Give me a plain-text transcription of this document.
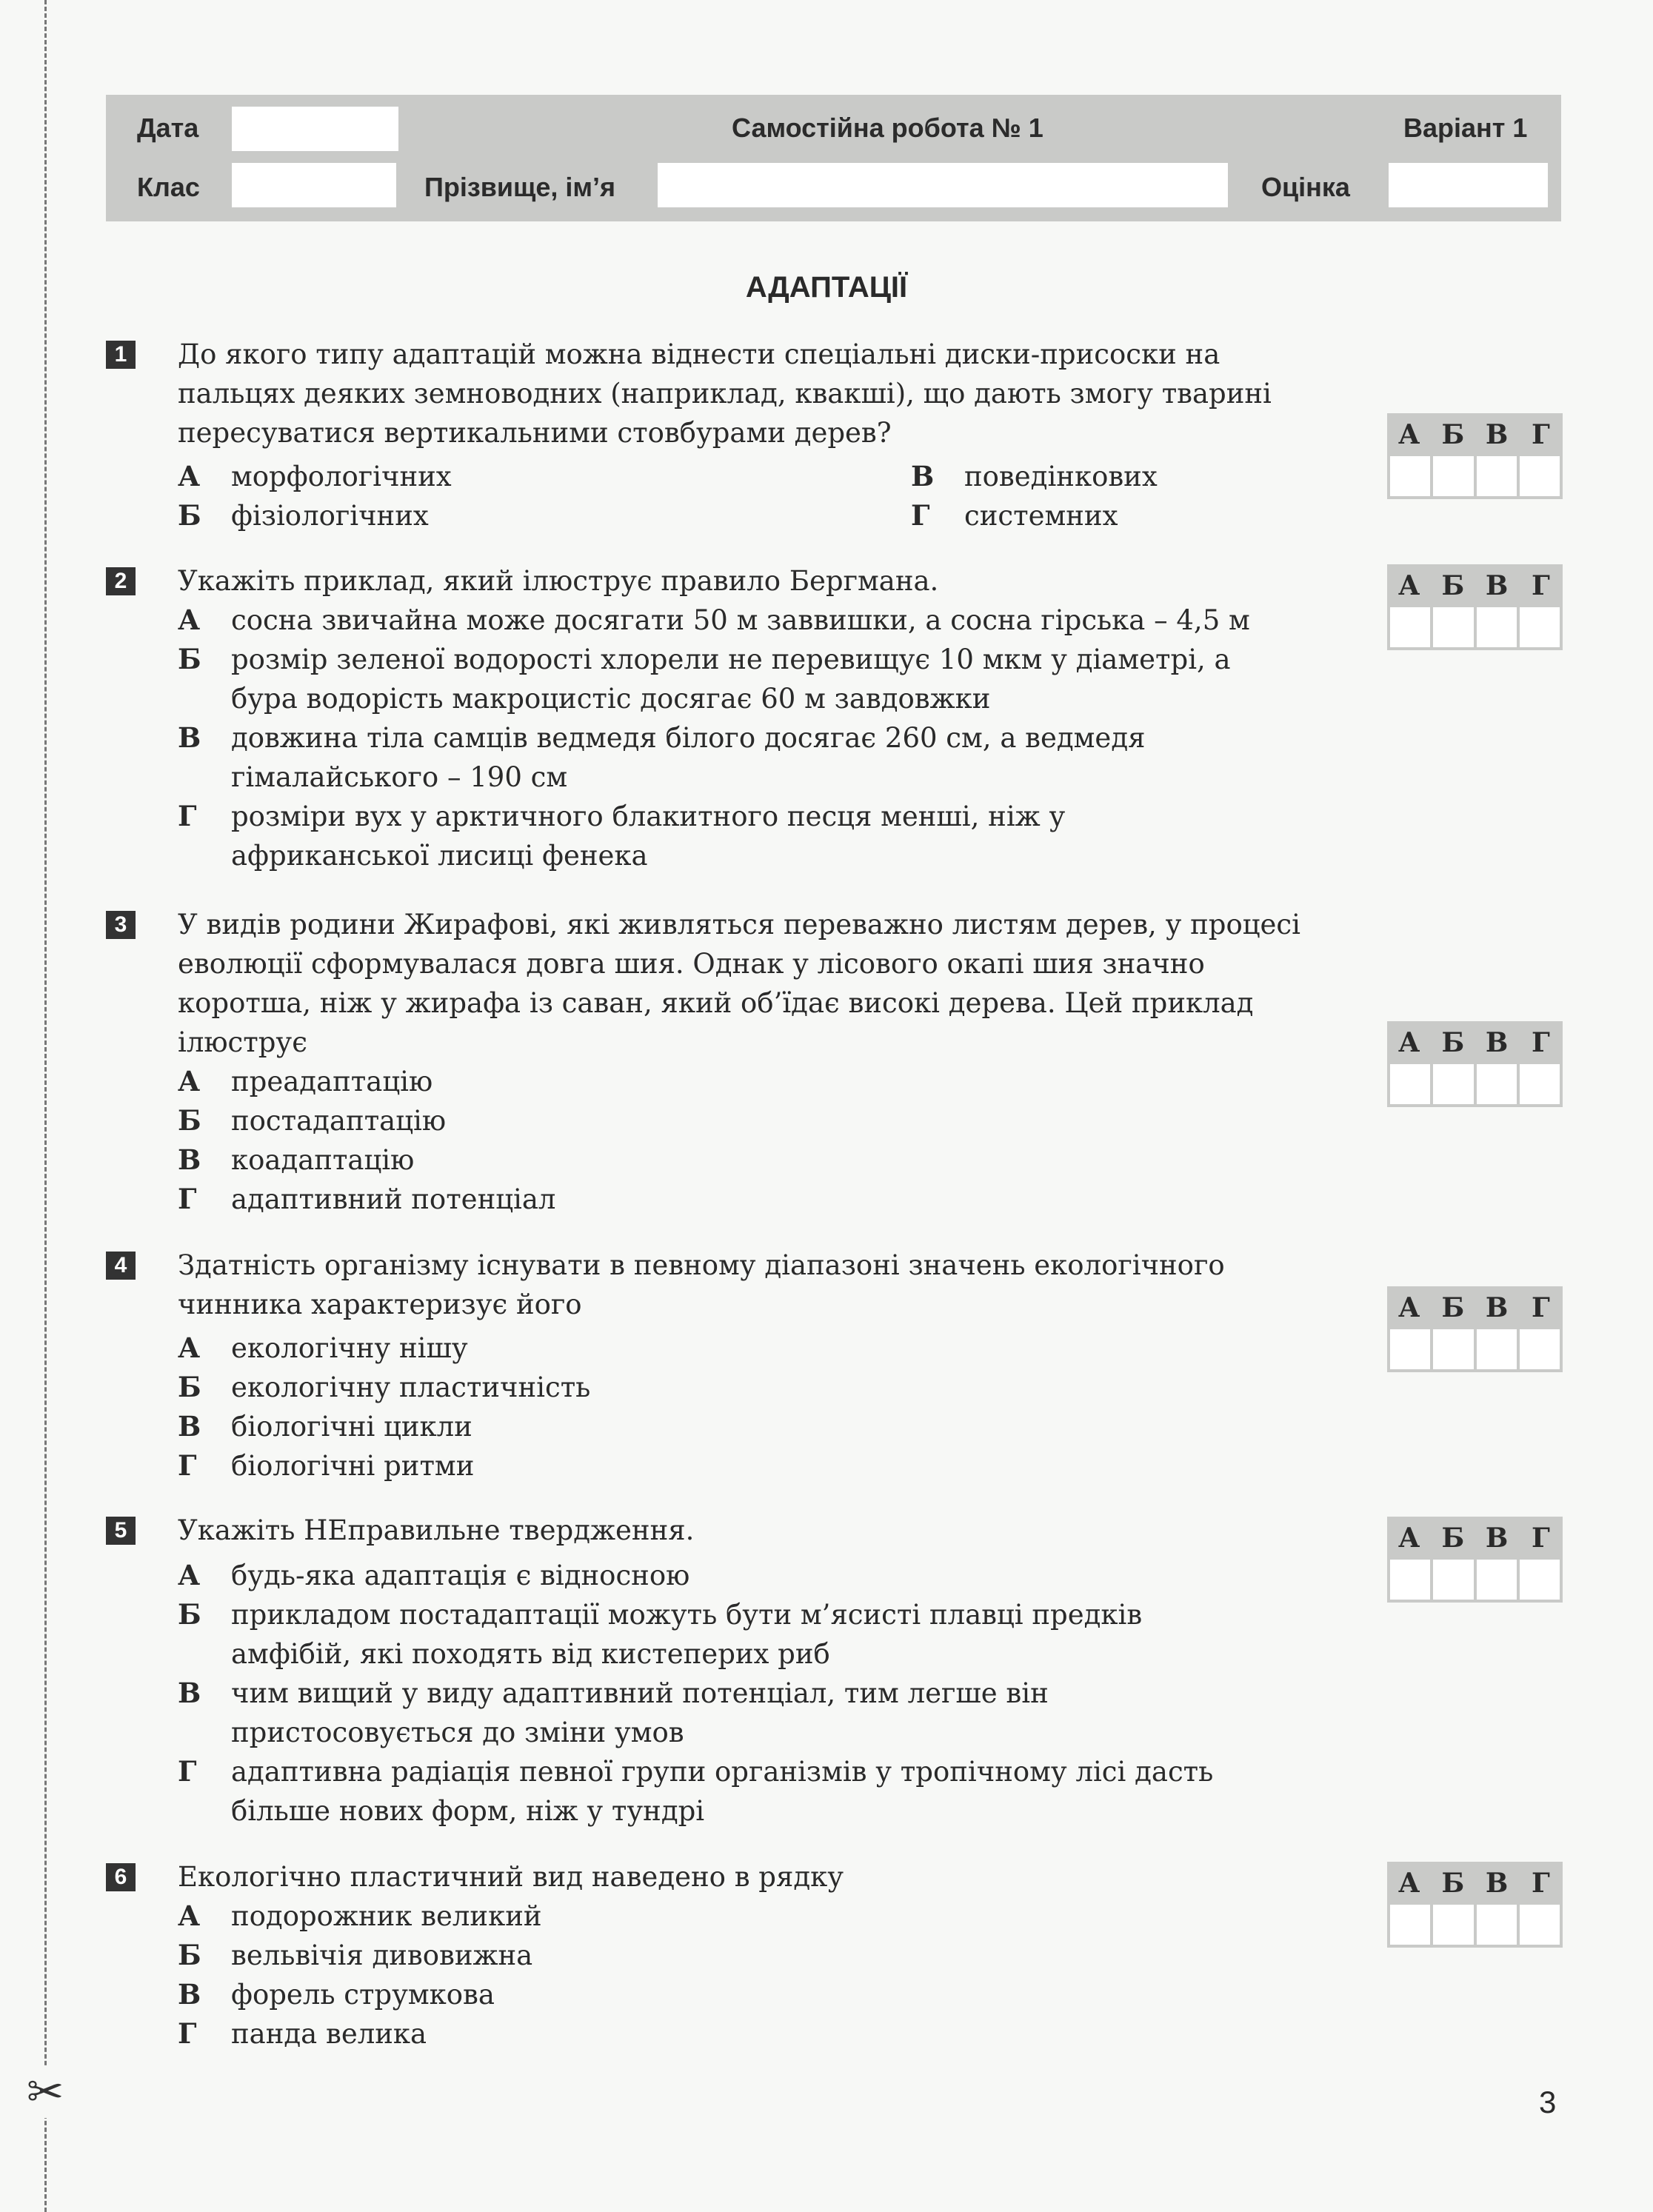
✂
Дата	Самостійна робота № 1	Варіант 1
Клас	Прізвище, ім’я	Оцінка
АДАПТАЦІЇ
1	До якого типу адаптацій можна віднести спеціальні диски-присоски на пальцях деяких земноводних (наприклад, квакші), що дають змогу тварині пересуватися вертикальними стовбурами дерев?
А	морфологічних	В	поведінкових
Б	фізіологічних	Г	системних
2	Укажіть приклад, який ілюструє правило Бергмана.
А	сосна звичайна може досягати 50 м заввишки, а сосна гірська – 4,5 м
Б	розмір зеленої водорості хлорели не перевищує 10 мкм у діаметрі, а бура водорість макроцистіс досягає 60 м завдовжки
В	довжина тіла самців ведмедя білого досягає 260 см, а ведмедя гімалайського – 190 см
Г	розміри вух у арктичного блакитного песця менші, ніж у африканської лисиці фенека
3	У видів родини Жирафові, які живляться переважно листям дерев, у процесі еволюції сформувалася довга шия. Однак у лісового окапі шия значно коротша, ніж у жирафа із саван, який об’їдає високі дерева. Цей приклад ілюструє
А	преадаптацію
Б	постадаптацію
В	коадаптацію
Г	адаптивний потенціал
4	Здатність організму існувати в певному діапазоні значень екологічного чинника характеризує його
А	екологічну нішу
Б	екологічну пластичність
В	біологічні цикли
Г	біологічні ритми
5	Укажіть НЕправильне твердження.
А	будь-яка адаптація є відносною
Б	прикладом постадаптації можуть бути м’ясисті плавці предків амфібій, які походять від кистеперих риб
В	чим вищий у виду адаптивний потенціал, тим легше він пристосовується до зміни умов
Г	адаптивна радіація певної групи організмів у тропічному лісі дасть більше нових форм, ніж у тундрі
6	Екологічно пластичний вид наведено в рядку
А	подорожник великий
Б	вельвічія дивовижна
В	форель струмкова
Г	панда велика
А Б В Г
А Б В Г
А Б В Г
А Б В Г
А Б В Г
А Б В Г
3
